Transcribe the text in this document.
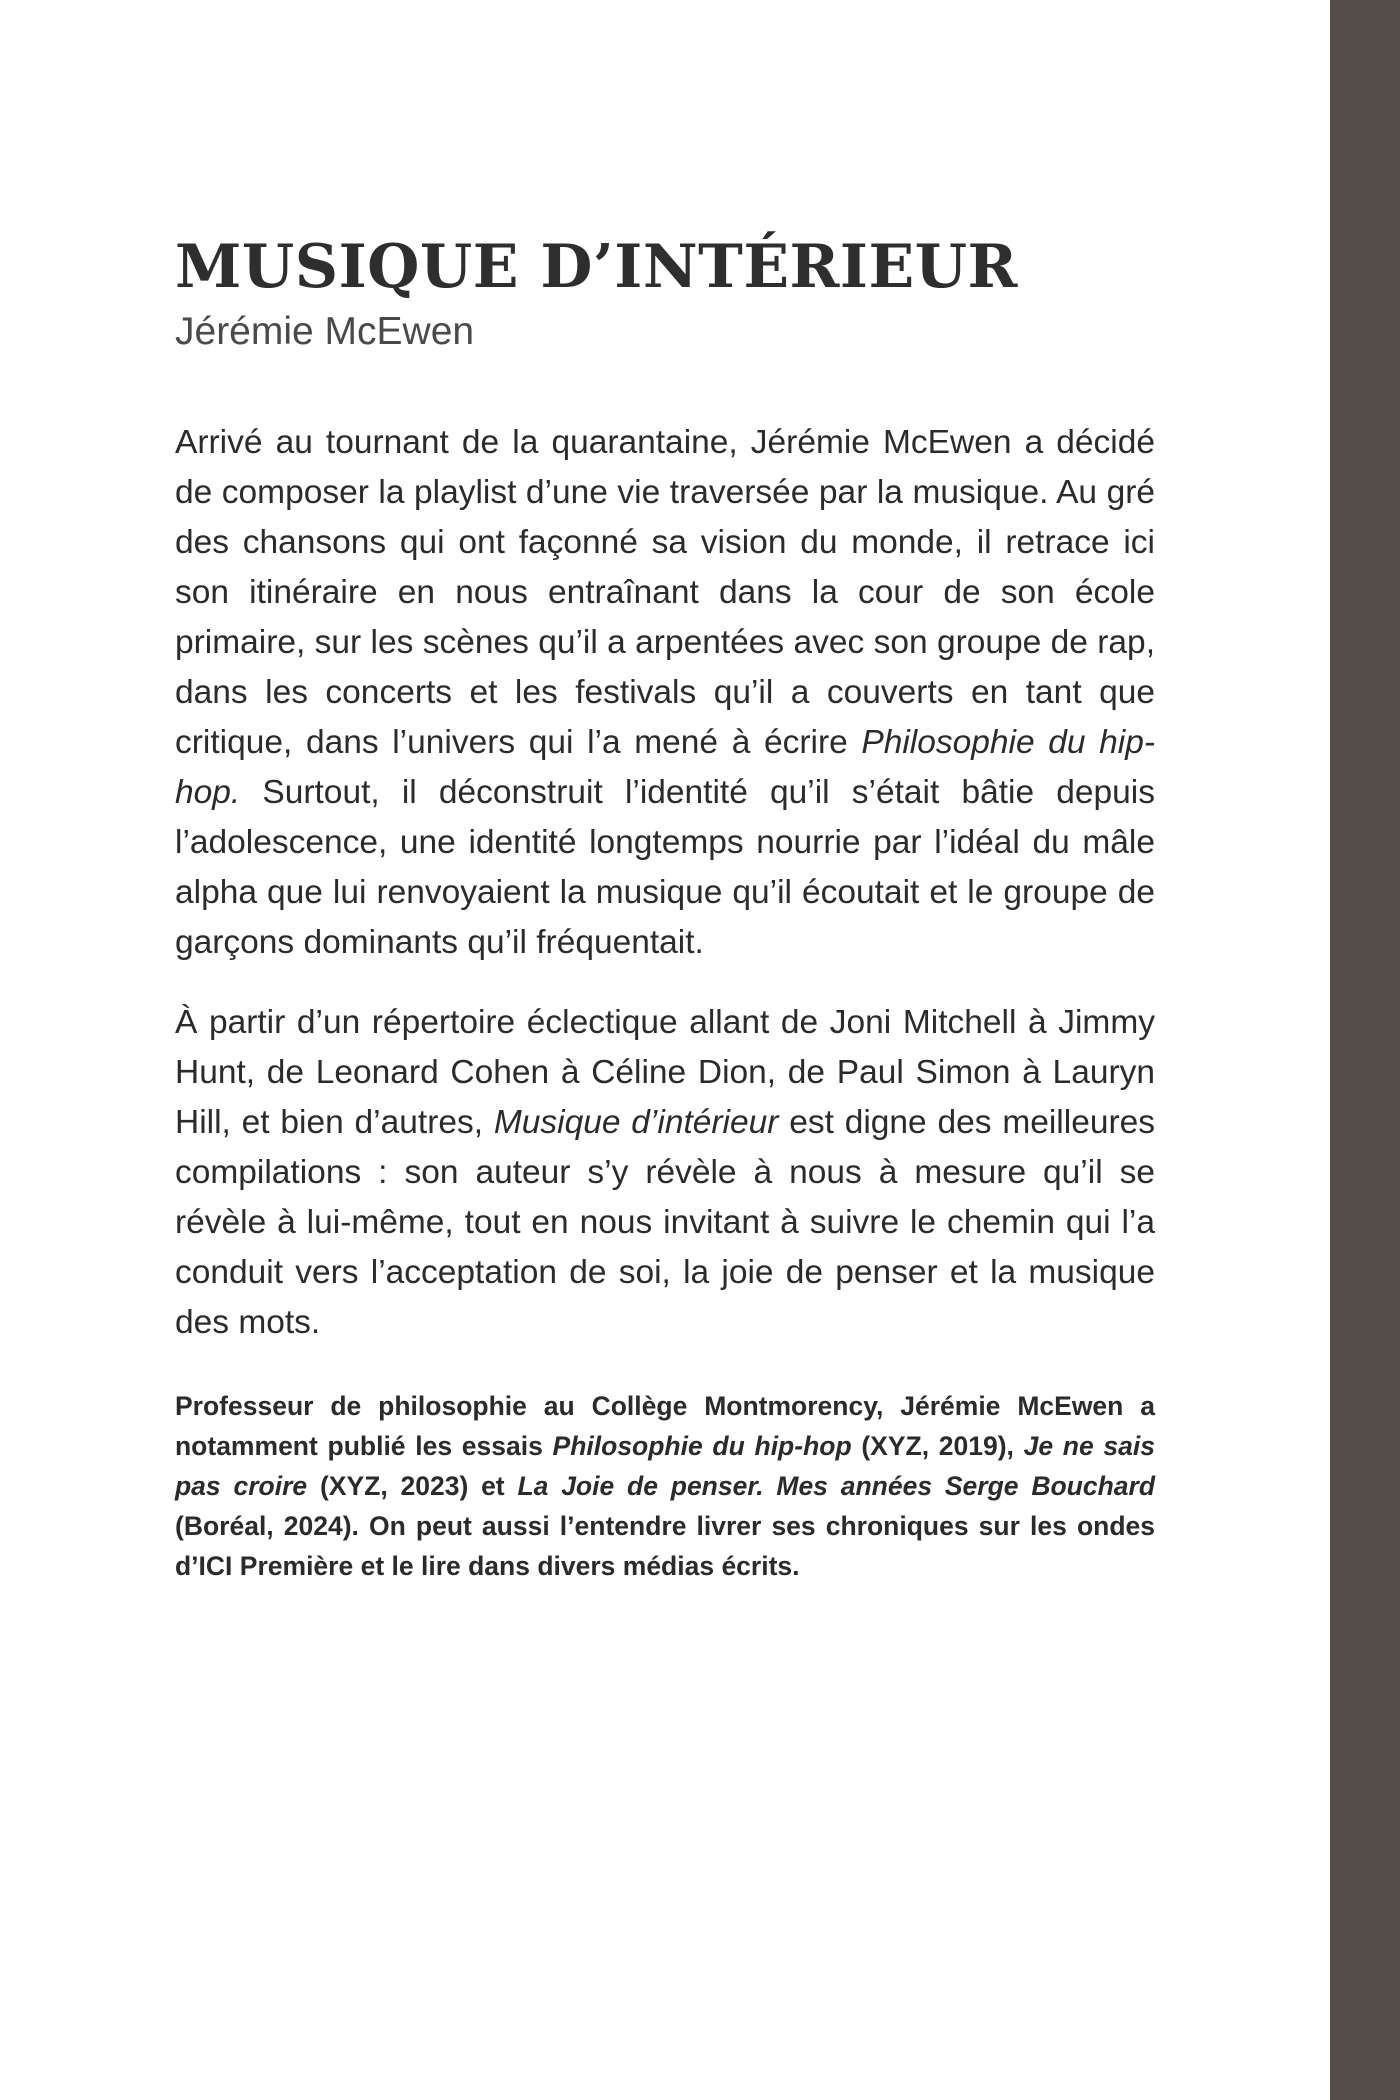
MUSIQUE D’INTÉRIEUR
Jérémie McEwen

Arrivé au tournant de la quarantaine, Jérémie McEwen a décidé de composer la playlist d’une vie traversée par la musique. Au gré des chansons qui ont façonné sa vision du monde, il retrace ici son itinéraire en nous entraînant dans la cour de son école primaire, sur les scènes qu’il a arpentées avec son groupe de rap, dans les concerts et les festivals qu’il a couverts en tant que critique, dans l’univers qui l’a mené à écrire Philosophie du hip-hop. Surtout, il déconstruit l’identité qu’il s’était bâtie depuis l’adolescence, une identité longtemps nourrie par l’idéal du mâle alpha que lui renvoyaient la musique qu’il écoutait et le groupe de garçons dominants qu’il fréquentait.

À partir d’un répertoire éclectique allant de Joni Mitchell à Jimmy Hunt, de Leonard Cohen à Céline Dion, de Paul Simon à Lauryn Hill, et bien d’autres, Musique d’intérieur est digne des meilleures compilations : son auteur s’y révèle à nous à mesure qu’il se révèle à lui-même, tout en nous invitant à suivre le chemin qui l’a conduit vers l’acceptation de soi, la joie de penser et la musique des mots.

Professeur de philosophie au Collège Montmorency, Jérémie McEwen a notamment publié les essais Philosophie du hip-hop (XYZ, 2019), Je ne sais pas croire (XYZ, 2023) et La Joie de penser. Mes années Serge Bouchard (Boréal, 2024). On peut aussi l’entendre livrer ses chroniques sur les ondes d’ICI Première et le lire dans divers médias écrits.
